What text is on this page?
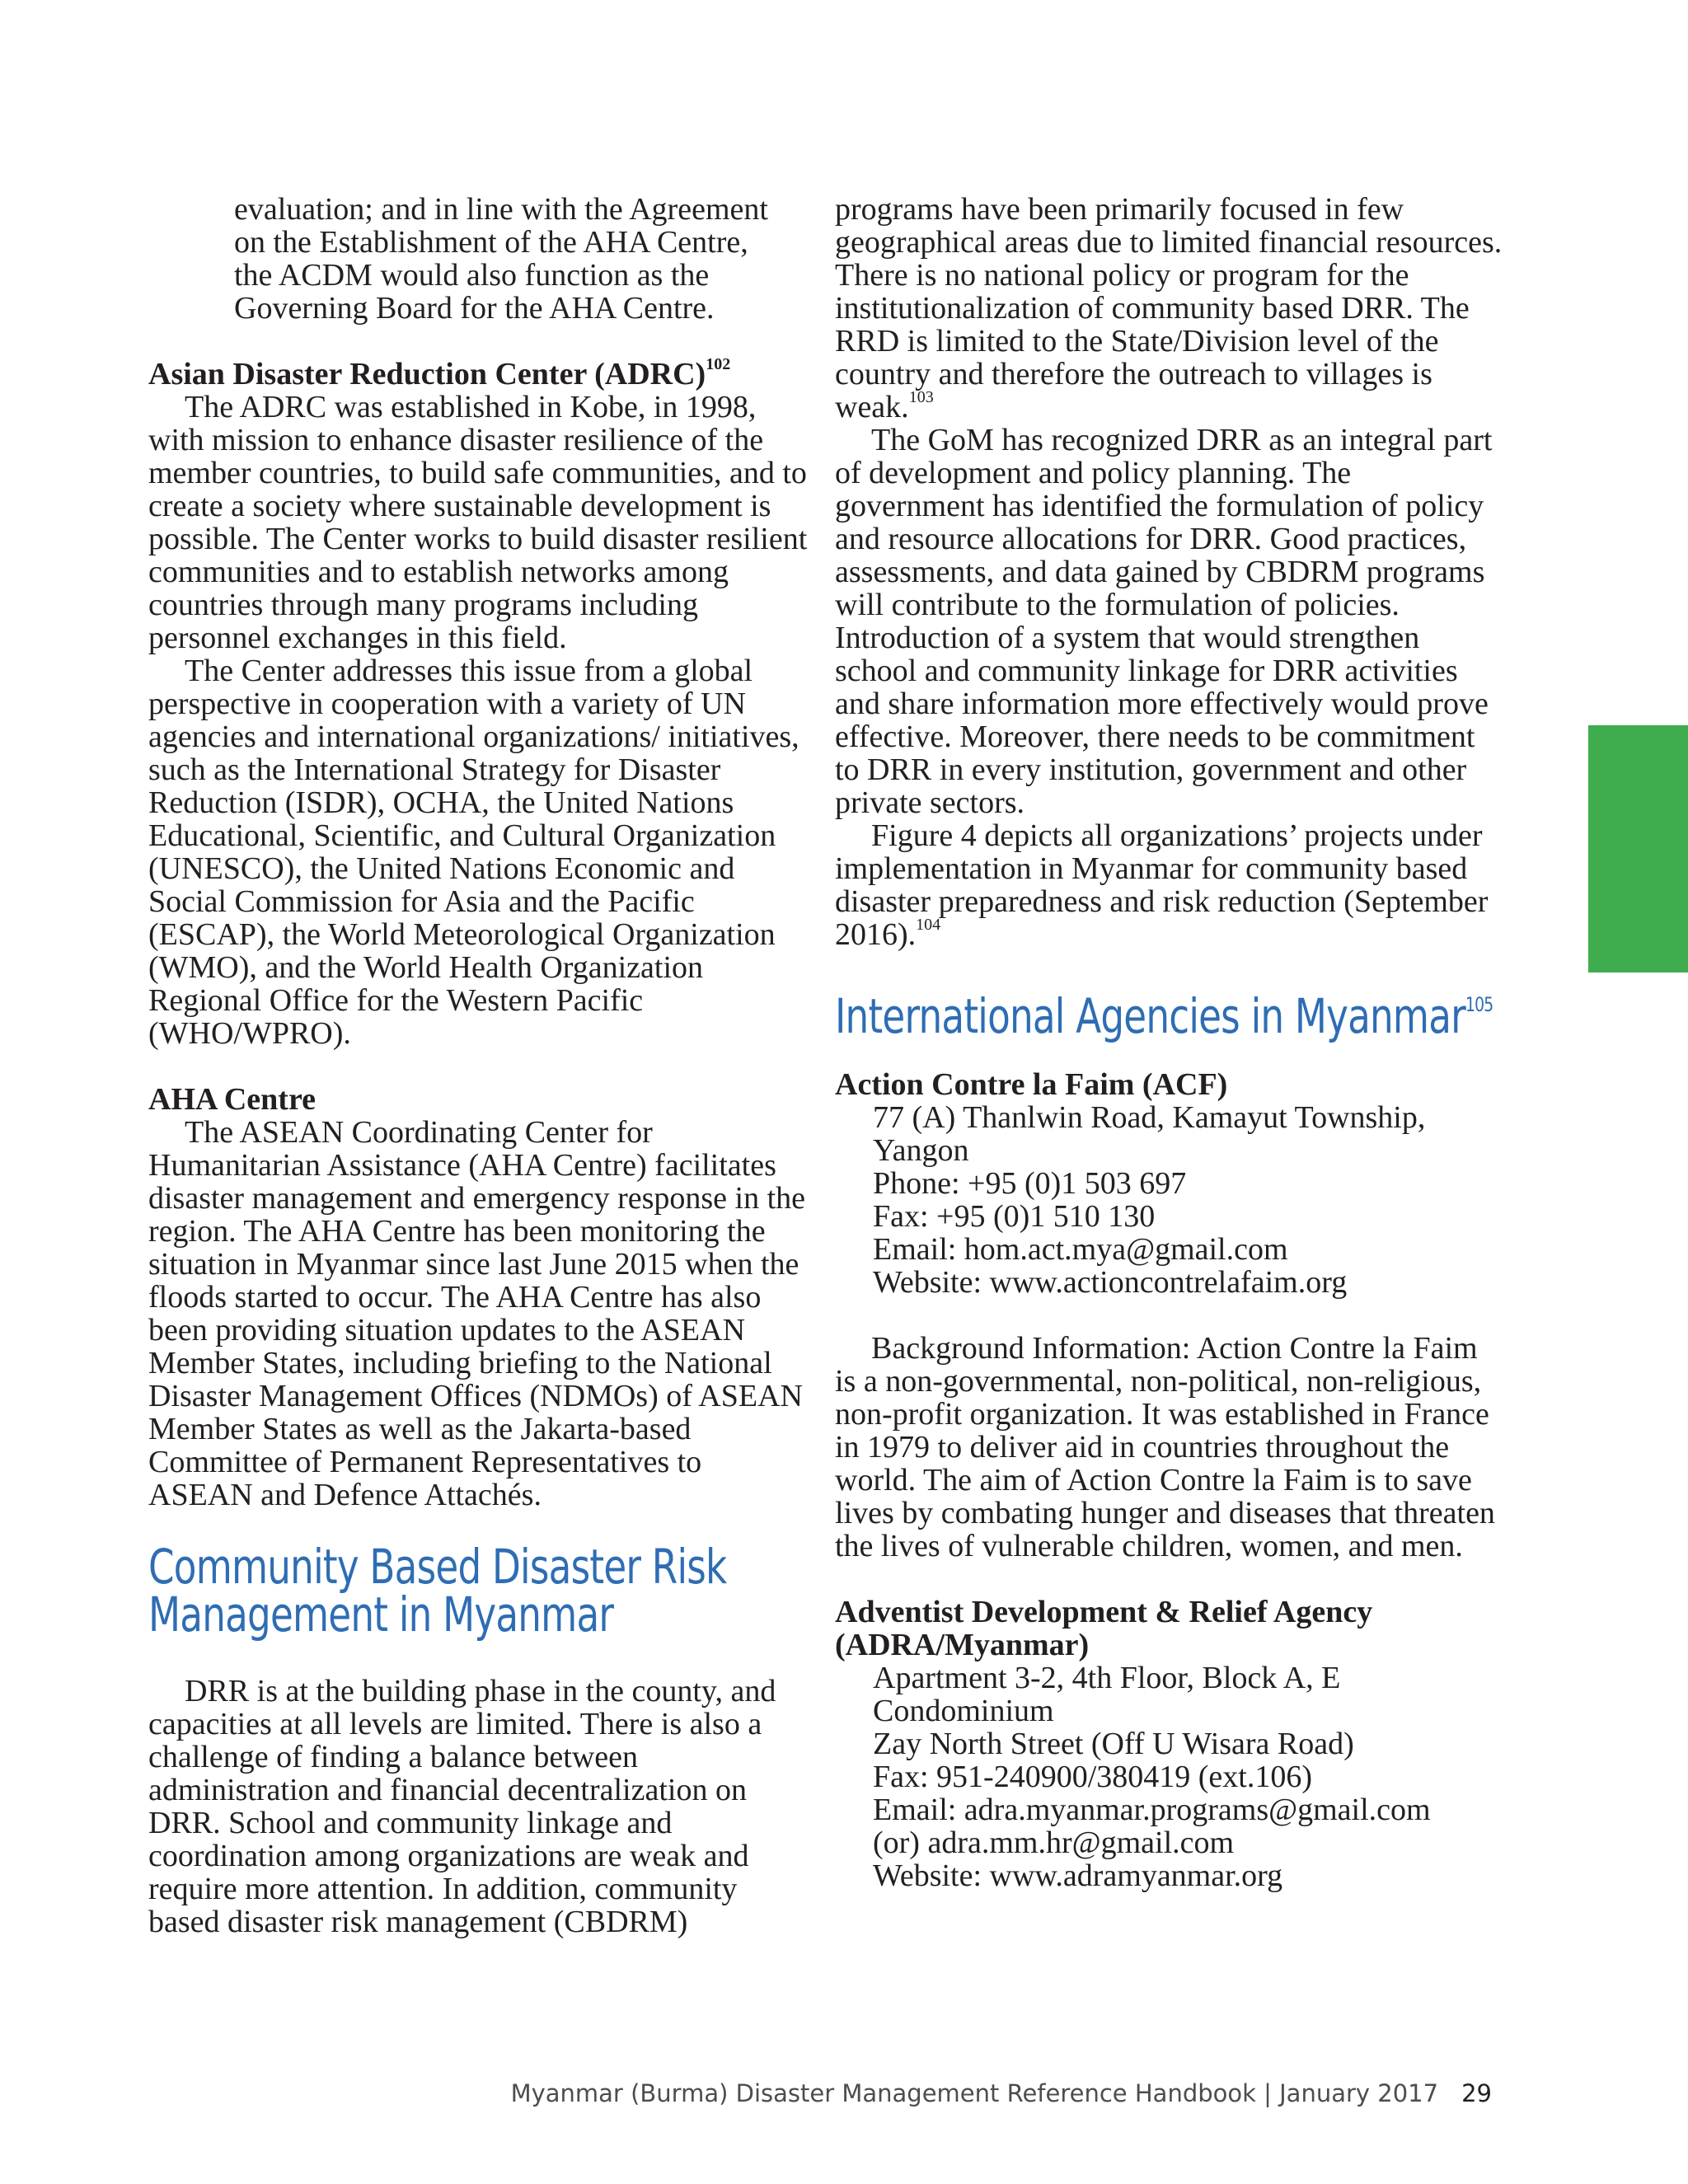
evaluation; and in line with the Agreement

on the Establishment of the AHA Centre,

the ACDM would also function as the

Governing Board for the AHA Centre.

Asian Disaster Reduction Center (ADRC)$^{102}$

The ADRC was established in Kobe, in 1998, with mission to enhance disaster resilience of the member countries, to build safe communities, and to create a society where sustainable development is possible. The Center works to build disaster resilient communities and to establish networks among countries through many programs including personnel exchanges in this field.

The Center addresses this issue from a global perspective in cooperation with a variety of UN agencies and international organizations/ initiatives, such as the International Strategy for Disaster Reduction (ISDR), OCHA, the United Nations Educational, Scientific, and Cultural Organization (UNESCO), the United Nations Economic and Social Commission for Asia and the Pacific (ESCAP), the World Meteorological Organization (WMO), and the World Health Organization Regional Office for the Western Pacific (WHO/WPRO).

AHA Centre

The ASEAN Coordinating Center for Humanitarian Assistance (AHA Centre) facilitates disaster management and emergency response in the region. The AHA Centre has been monitoring the situation in Myanmar since last June 2015 when the floods started to occur. The AHA Centre has also been providing situation updates to the ASEAN Member States, including briefing to the National Disaster Management Offices (NDMOs) of ASEAN Member States as well as the Jakarta-based Committee of Permanent Representatives to ASEAN and Defence Attachés.

Community Based Disaster Risk
Management in Myanmar

DRR is at the building phase in the county, and capacities at all levels are limited. There is also a challenge of finding a balance between administration and financial decentralization on DRR. School and community linkage and coordination among organizations are weak and require more attention. In addition, community based disaster risk management (CBDRM)

programs have been primarily focused in few geographical areas due to limited financial resources. There is no national policy or program for the institutionalization of community based DRR. The RRD is limited to the State/Division level of the country and therefore the outreach to villages is weak.$^{103}$

The GoM has recognized DRR as an integral part of development and policy planning. The government has identified the formulation of policy and resource allocations for DRR. Good practices, assessments, and data gained by CBDRM programs will contribute to the formulation of policies. Introduction of a system that would strengthen school and community linkage for DRR activities and share information more effectively would prove effective. Moreover, there needs to be commitment to DRR in every institution, government and other private sectors.

Figure 4 depicts all organizations’ projects under implementation in Myanmar for community based disaster preparedness and risk reduction (September 2016).$^{104}$

International Agencies in Myanmar$^{105}$

Action Contre la Faim (ACF)

77 (A) Thanlwin Road, Kamayut Township,

Yangon

Phone: +95 (0)1 503 697

Fax: +95 (0)1 510 130

Email: hom.act.mya@gmail.com

Website: www.actioncontrelafaim.org

Background Information: Action Contre la Faim is a non-governmental, non-political, non-religious, non-profit organization. It was established in France in 1979 to deliver aid in countries throughout the world. The aim of Action Contre la Faim is to save lives by combating hunger and diseases that threaten the lives of vulnerable children, women, and men.

Adventist Development & Relief Agency

(ADRA/Myanmar)

Apartment 3-2, 4th Floor, Block A, E

Condominium

Zay North Street (Off U Wisara Road)

Fax: 951-240900/380419 (ext.106)

Email: adra.myanmar.programs@gmail.com

(or) adra.mm.hr@gmail.com

Website: www.adramyanmar.org

Myanmar (Burma) Disaster Management Reference Handbook | January 2017 29
